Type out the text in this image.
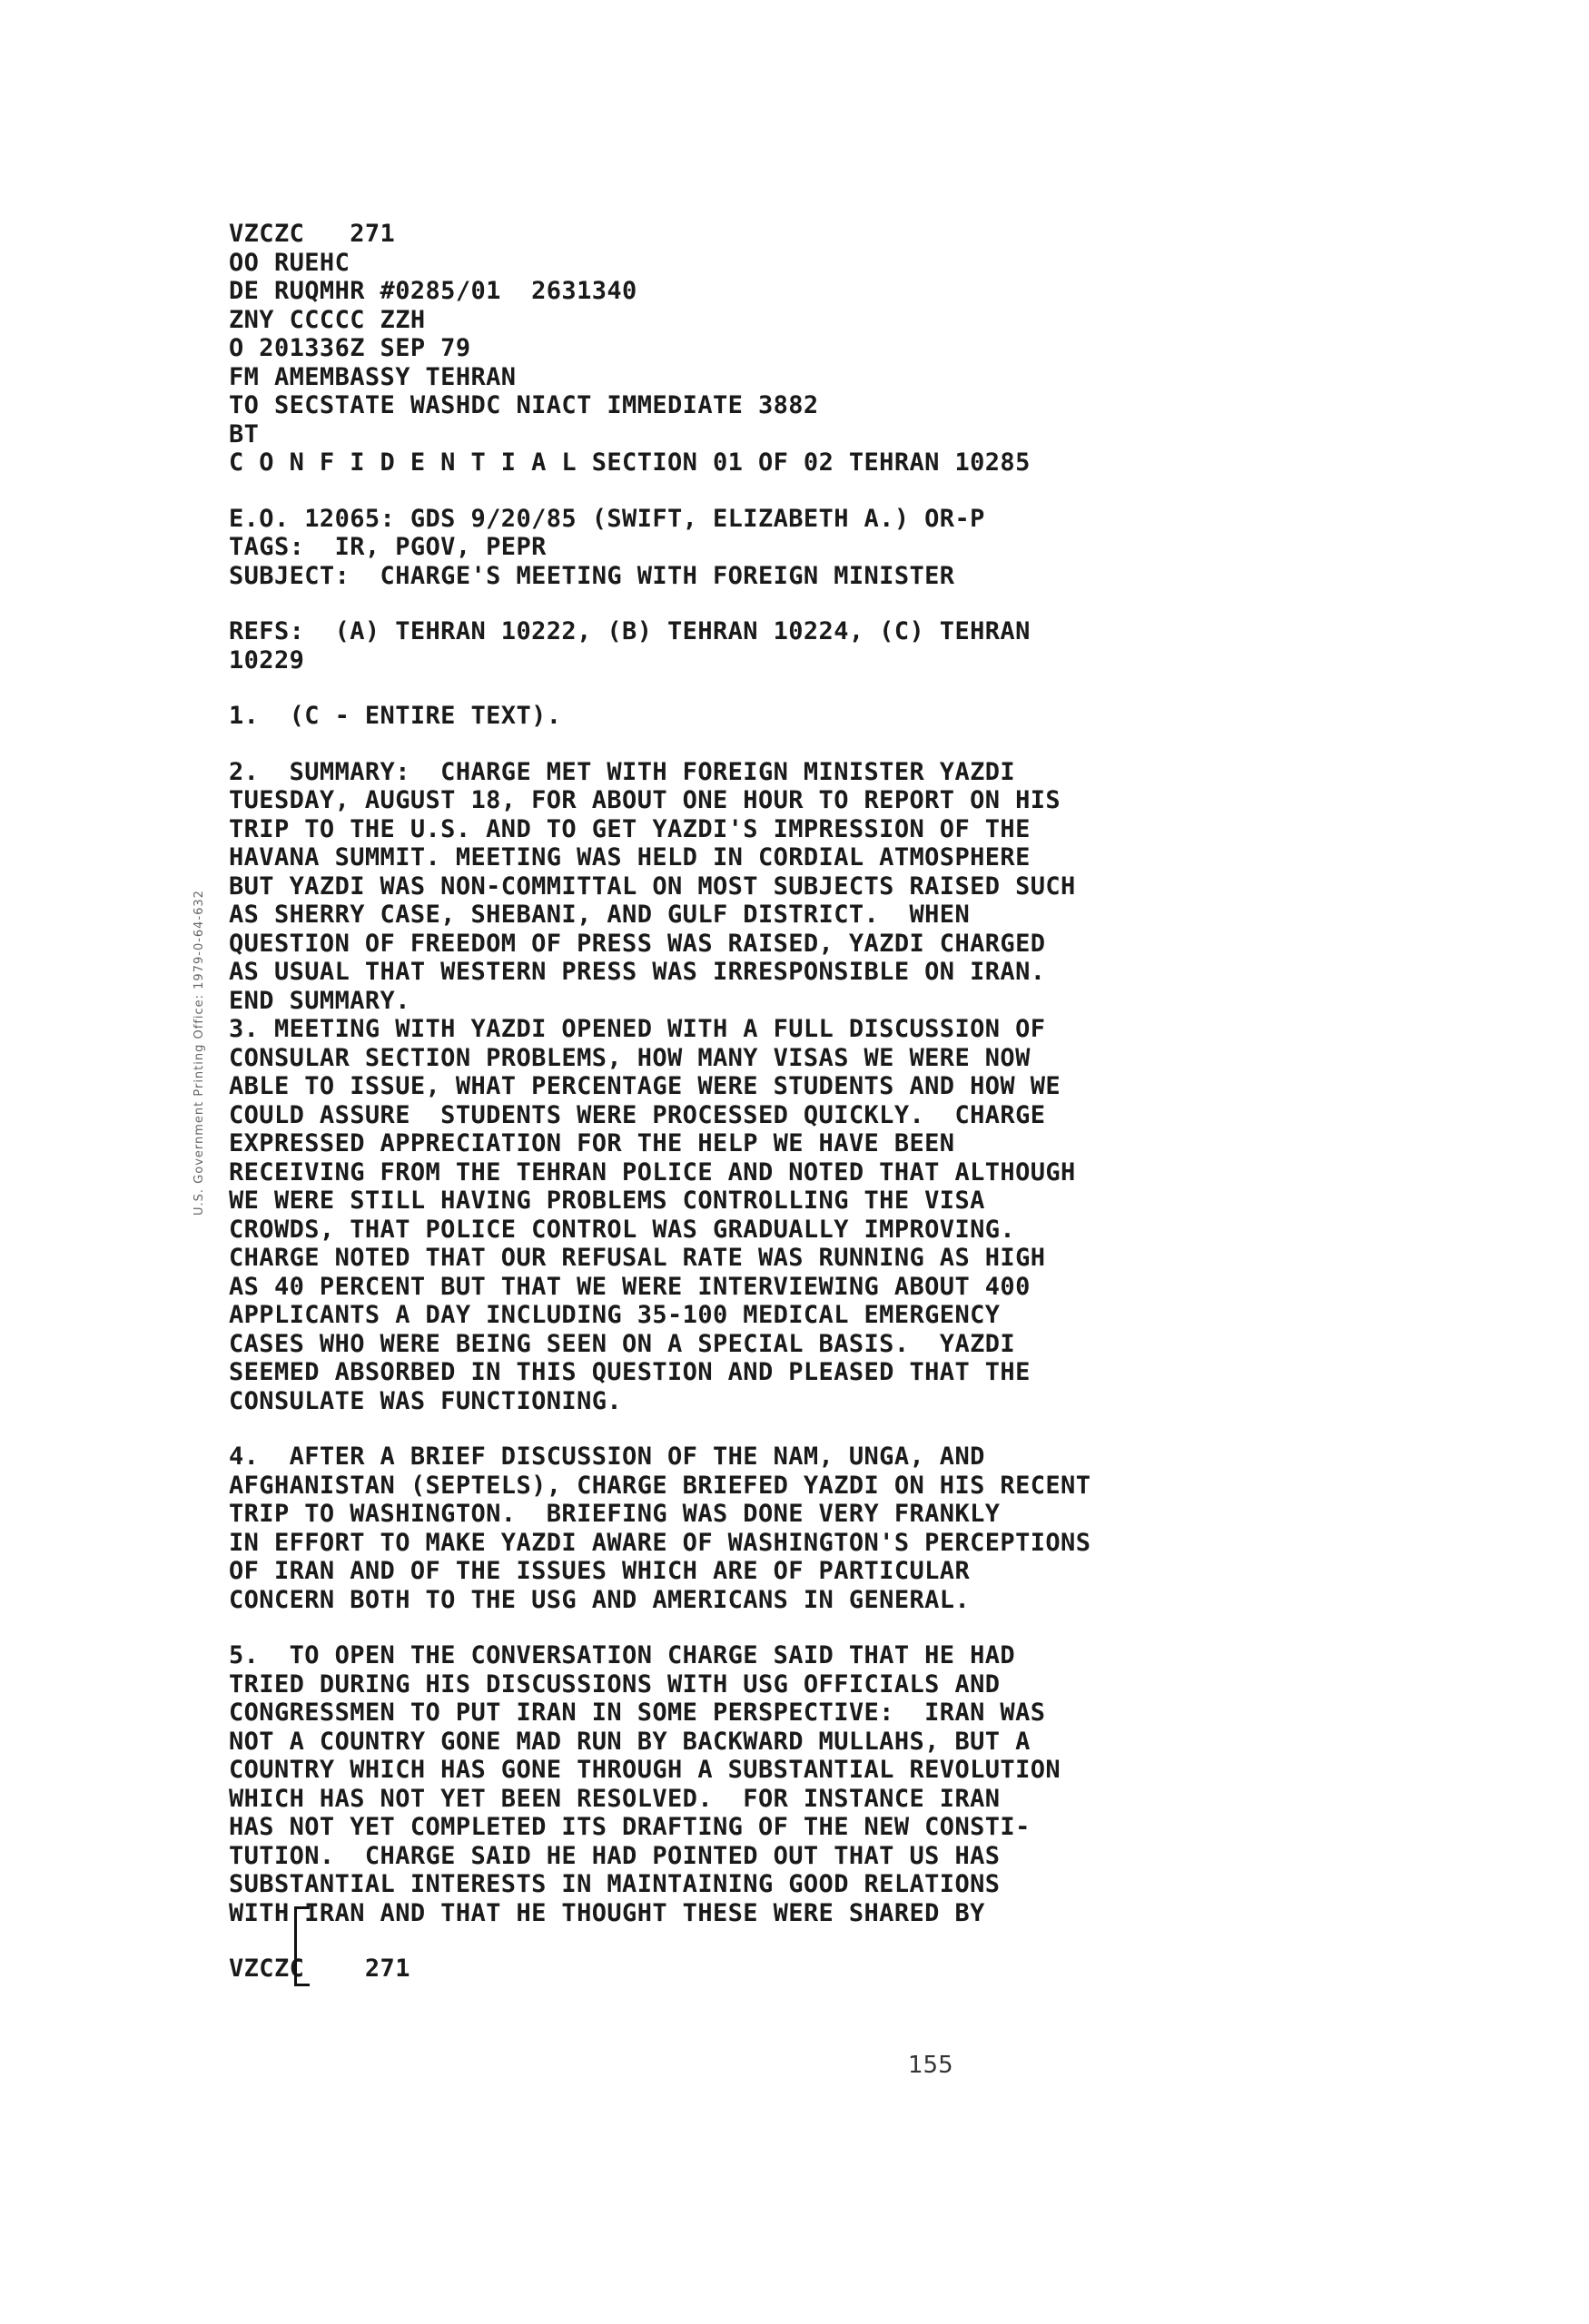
U.S. Government Printing Office: 1979-0-64-632
VZCZC   271
OO RUEHC
DE RUQMHR #0285/01  2631340
ZNY CCCCC ZZH
O 201336Z SEP 79
FM AMEMBASSY TEHRAN
TO SECSTATE WASHDC NIACT IMMEDIATE 3882
BT
C O N F I D E N T I A L SECTION 01 OF 02 TEHRAN 10285
E.O. 12065: GDS 9/20/85 (SWIFT, ELIZABETH A.) OR-P
TAGS:  IR, PGOV, PEPR
SUBJECT:  CHARGE'S MEETING WITH FOREIGN MINISTER
REFS:  (A) TEHRAN 10222, (B) TEHRAN 10224, (C) TEHRAN
10229
1.  (C - ENTIRE TEXT).
2.  SUMMARY:  CHARGE MET WITH FOREIGN MINISTER YAZDI
TUESDAY, AUGUST 18, FOR ABOUT ONE HOUR TO REPORT ON HIS
TRIP TO THE U.S. AND TO GET YAZDI'S IMPRESSION OF THE
HAVANA SUMMIT. MEETING WAS HELD IN CORDIAL ATMOSPHERE
BUT YAZDI WAS NON-COMMITTAL ON MOST SUBJECTS RAISED SUCH
AS SHERRY CASE, SHEBANI, AND GULF DISTRICT.  WHEN
QUESTION OF FREEDOM OF PRESS WAS RAISED, YAZDI CHARGED
AS USUAL THAT WESTERN PRESS WAS IRRESPONSIBLE ON IRAN.
END SUMMARY.
3. MEETING WITH YAZDI OPENED WITH A FULL DISCUSSION OF
CONSULAR SECTION PROBLEMS, HOW MANY VISAS WE WERE NOW
ABLE TO ISSUE, WHAT PERCENTAGE WERE STUDENTS AND HOW WE
COULD ASSURE  STUDENTS WERE PROCESSED QUICKLY.  CHARGE
EXPRESSED APPRECIATION FOR THE HELP WE HAVE BEEN
RECEIVING FROM THE TEHRAN POLICE AND NOTED THAT ALTHOUGH
WE WERE STILL HAVING PROBLEMS CONTROLLING THE VISA
CROWDS, THAT POLICE CONTROL WAS GRADUALLY IMPROVING.
CHARGE NOTED THAT OUR REFUSAL RATE WAS RUNNING AS HIGH
AS 40 PERCENT BUT THAT WE WERE INTERVIEWING ABOUT 400
APPLICANTS A DAY INCLUDING 35-100 MEDICAL EMERGENCY
CASES WHO WERE BEING SEEN ON A SPECIAL BASIS.  YAZDI
SEEMED ABSORBED IN THIS QUESTION AND PLEASED THAT THE
CONSULATE WAS FUNCTIONING.
4.  AFTER A BRIEF DISCUSSION OF THE NAM, UNGA, AND
AFGHANISTAN (SEPTELS), CHARGE BRIEFED YAZDI ON HIS RECENT
TRIP TO WASHINGTON.  BRIEFING WAS DONE VERY FRANKLY
IN EFFORT TO MAKE YAZDI AWARE OF WASHINGTON'S PERCEPTIONS
OF IRAN AND OF THE ISSUES WHICH ARE OF PARTICULAR
CONCERN BOTH TO THE USG AND AMERICANS IN GENERAL.
5.  TO OPEN THE CONVERSATION CHARGE SAID THAT HE HAD
TRIED DURING HIS DISCUSSIONS WITH USG OFFICIALS AND
CONGRESSMEN TO PUT IRAN IN SOME PERSPECTIVE:  IRAN WAS
NOT A COUNTRY GONE MAD RUN BY BACKWARD MULLAHS, BUT A
COUNTRY WHICH HAS GONE THROUGH A SUBSTANTIAL REVOLUTION
WHICH HAS NOT YET BEEN RESOLVED.  FOR INSTANCE IRAN
HAS NOT YET COMPLETED ITS DRAFTING OF THE NEW CONSTI-
TUTION.  CHARGE SAID HE HAD POINTED OUT THAT US HAS
SUBSTANTIAL INTERESTS IN MAINTAINING GOOD RELATIONS
WITH IRAN AND THAT HE THOUGHT THESE WERE SHARED BY
VZCZC    271
155
